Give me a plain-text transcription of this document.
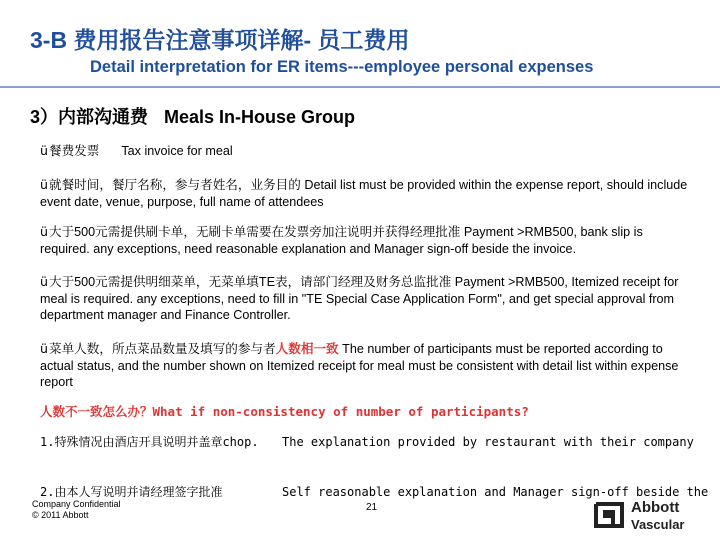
3-B 费用报告注意事项详解- 员工费用
Detail interpretation for ER items---employee personal expenses
3）内部沟通费 Meals In-House Group
ü餐费发票 Tax invoice for meal
ü就餐时间，餐厅名称，参与者姓名，业务目的 Detail list must be provided within the expense report, should include event date, venue, purpose, full name of attendees
ü大于500元需提供刷卡单，无刷卡单需要在发票旁加注说明并获得经理批准 Payment >RMB500, bank slip is required. any exceptions, need reasonable explanation and Manager sign-off beside the invoice.
ü大于500元需提供明细菜单，无菜单填TE表，请部门经理及财务总监批准 Payment >RMB500, Itemized receipt for meal is required. any exceptions, need to fill in "TE Special Case Application Form", and get special approval from department manager and Finance Controller.
ü菜单人数，所点菜品数量及填写的参与者人数相一致 The number of participants must be reported according to actual status, and the number shown on Itemized receipt for meal must be consistent with detail list within expense report
人数不一致怎么办？What if non-consistency of number of participants?
1.特殊情况由酒店开具说明并盖章chop.	The explanation provided by restaurant with their company
2.由本人写说明并请经理签字批准	Self reasonable explanation and Manager sign-off beside the
Company Confidential
© 2011 Abbott
21	Abbott
Vascular
